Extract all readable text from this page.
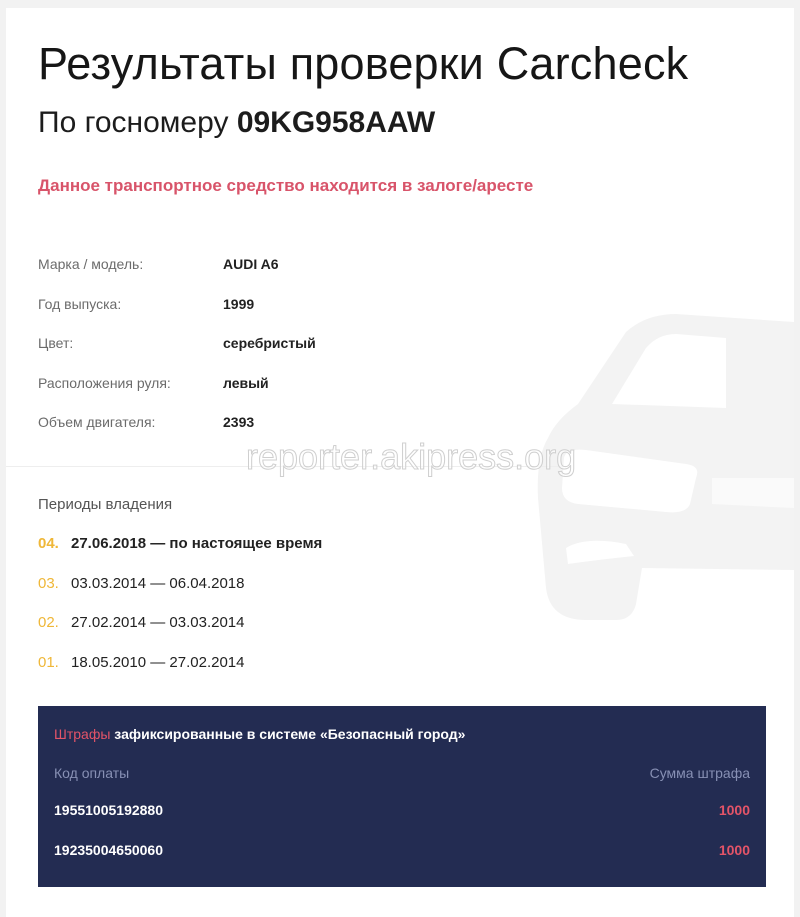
Результаты проверки Carcheck
По госномеру 09KG958AAW
Данное транспортное средство находится в залоге/аресте
Марка / модель:	AUDI A6
Год выпуска:	1999
Цвет:	серебристый
Расположения руля:	левый
Объем двигателя:	2393
reporter.akipress.org
Периоды владения
04. 27.06.2018 — по настоящее время
03. 03.03.2014 — 06.04.2018
02. 27.02.2014 — 03.03.2014
01. 18.05.2010 — 27.02.2014
Штрафы зафиксированные в системе «Безопасный город»
Код оплаты	Сумма штрафа
19551005192880	1000
19235004650060	1000
